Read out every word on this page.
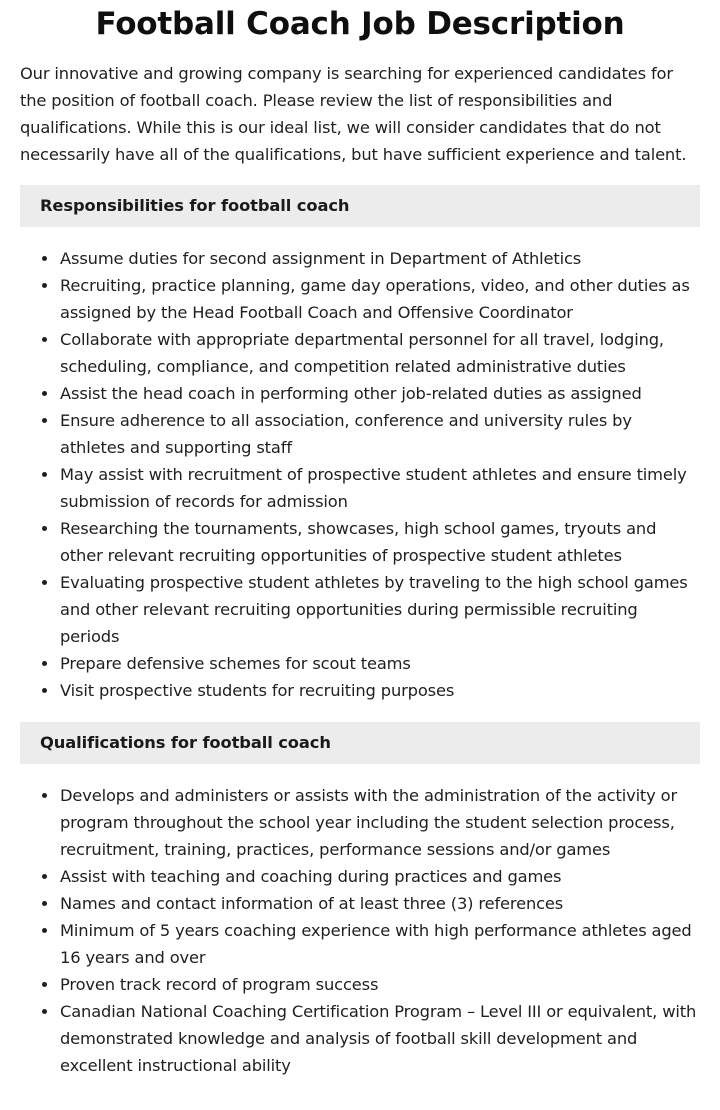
Football Coach Job Description

Our innovative and growing company is searching for experienced candidates for the position of football coach. Please review the list of responsibilities and qualifications. While this is our ideal list, we will consider candidates that do not necessarily have all of the qualifications, but have sufficient experience and talent.

Responsibilities for football coach
Assume duties for second assignment in Department of Athletics
Recruiting, practice planning, game day operations, video, and other duties as assigned by the Head Football Coach and Offensive Coordinator
Collaborate with appropriate departmental personnel for all travel, lodging, scheduling, compliance, and competition related administrative duties
Assist the head coach in performing other job-related duties as assigned
Ensure adherence to all association, conference and university rules by athletes and supporting staff
May assist with recruitment of prospective student athletes and ensure timely submission of records for admission
Researching the tournaments, showcases, high school games, tryouts and other relevant recruiting opportunities of prospective student athletes
Evaluating prospective student athletes by traveling to the high school games and other relevant recruiting opportunities during permissible recruiting periods
Prepare defensive schemes for scout teams
Visit prospective students for recruiting purposes
Qualifications for football coach
Develops and administers or assists with the administration of the activity or program throughout the school year including the student selection process, recruitment, training, practices, performance sessions and/or games
Assist with teaching and coaching during practices and games
Names and contact information of at least three (3) references
Minimum of 5 years coaching experience with high performance athletes aged 16 years and over
Proven track record of program success
Canadian National Coaching Certification Program – Level III or equivalent, with demonstrated knowledge and analysis of football skill development and excellent instructional ability
